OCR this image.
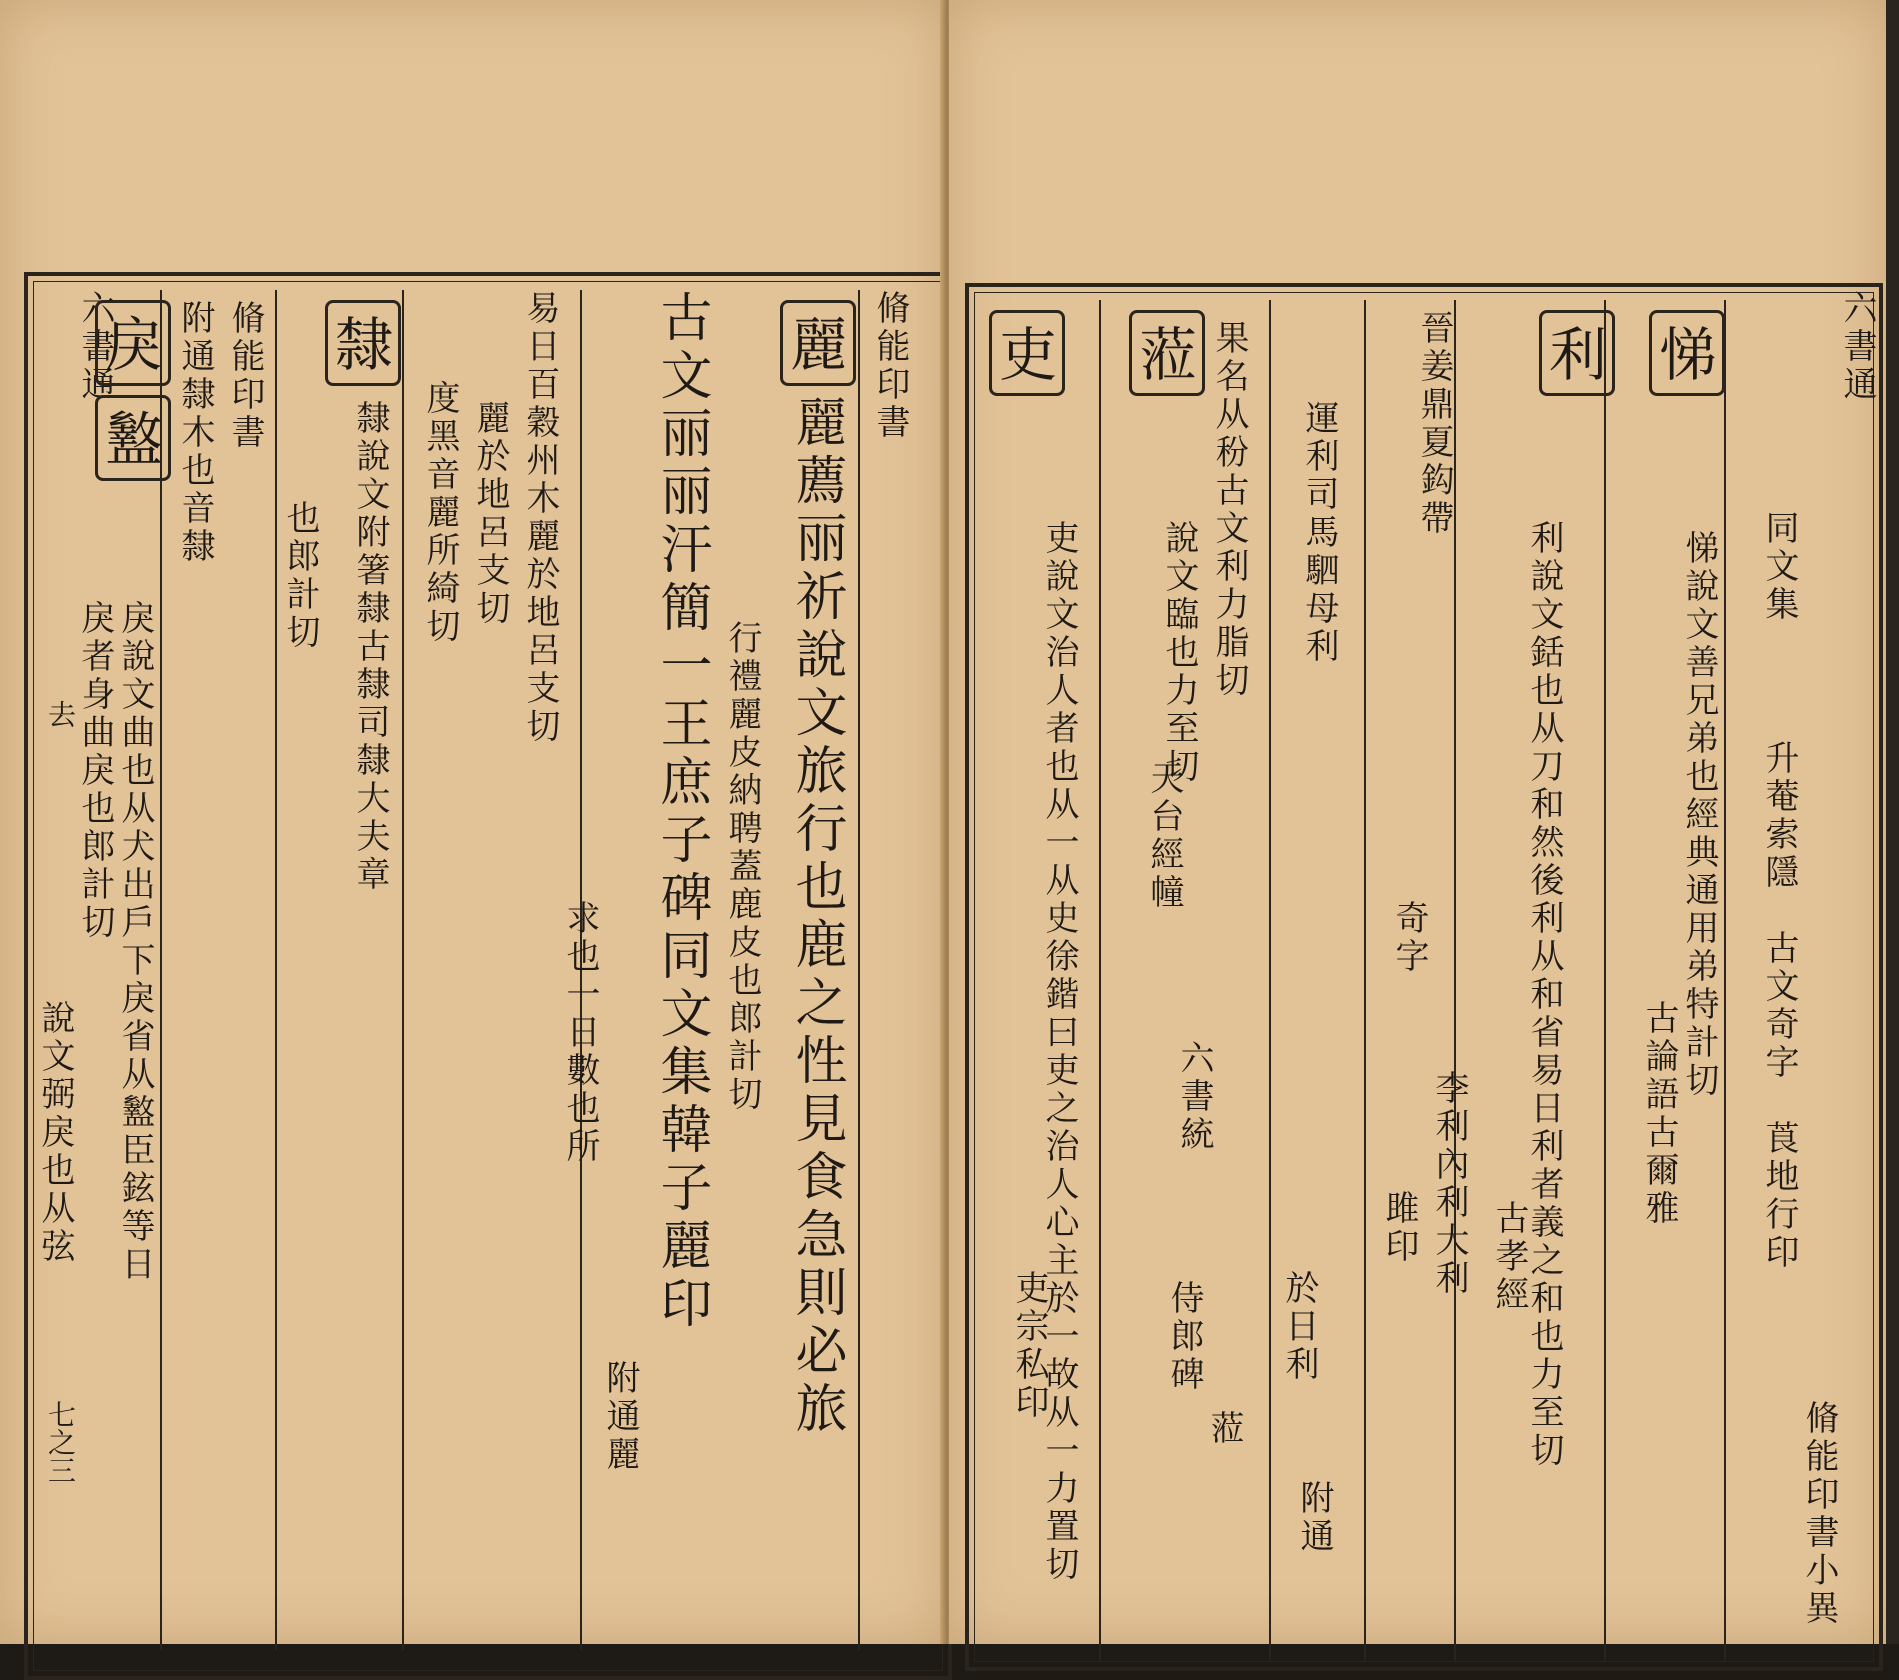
六書通
去
七之三
脩能印書
麗
麗薦丽祈說文旅行也鹿之性見食急則必旅
行禮麗皮納聘蓋鹿皮也郎計切
古文丽丽汗簡一王庶子碑同文集韓子麗印
附通麗
易日百穀州木麗於地呂支切
求也一日數也所
麗於地呂支切
度黑音麗所綺切
隸
隸說文附箸隸古隸司隸大夫章
也郎計切
脩能印書
附通隸木也音隸
戾
盭
戾說文曲也从犬出戶下戾省从盭臣鉉等日
戾者身曲戾也郎計切
說文弼戾也从弦
六書通
同文集
升菴索隱
古文奇字
莨地行印
脩能印書小異
悌
悌說文善兄弟也經典通用弟特計切
古論語古爾雅
利
利說文銛也从刀和然後利从和省易日利者義之和也力至切
古孝經
晉姜鼎夏鈎帶
奇字
李利內利大利
雎印
運利司馬駟母利
附通
於日利
果名从秎古文利力脂切
蒞
說文臨也力至切
天台經幢
六書統
侍郎碑
蒞
吏
吏說文治人者也从一从史徐鍇曰吏之治人心主於一故从一力置切
吏宗私印
